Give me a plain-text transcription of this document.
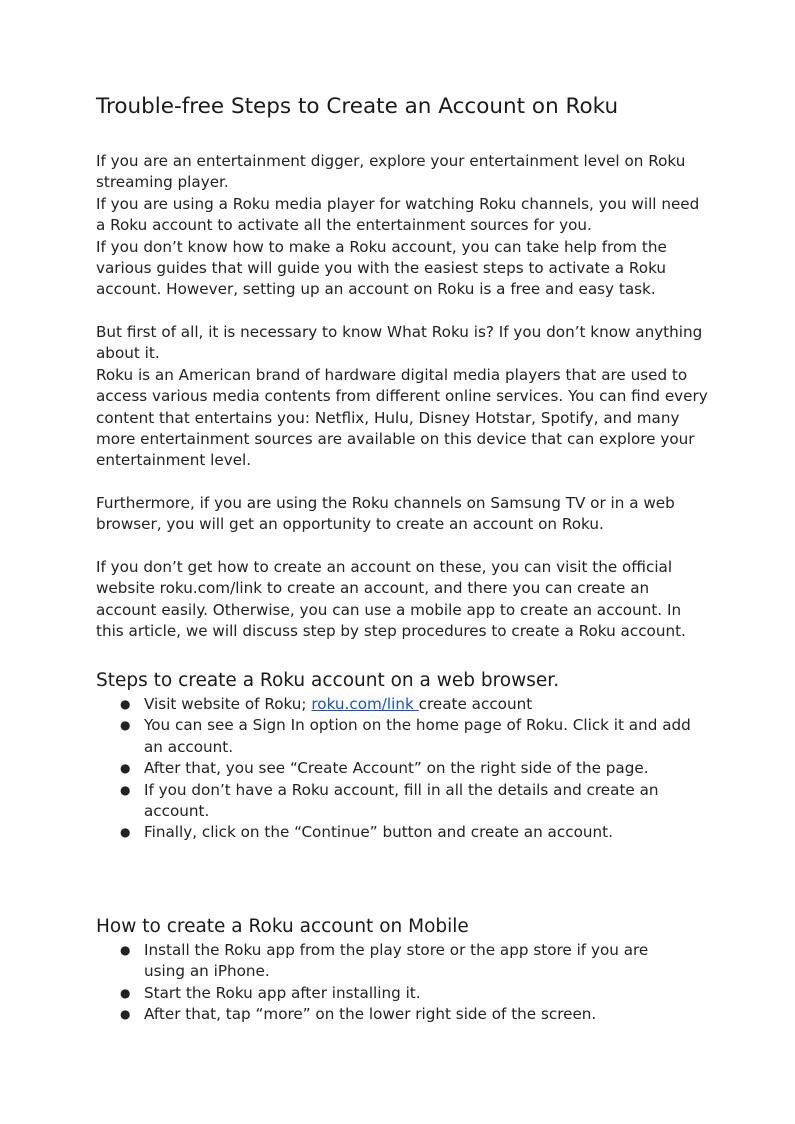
Trouble-free Steps to Create an Account on Roku

If you are an entertainment digger, explore your entertainment level on Roku streaming player.

If you are using a Roku media player for watching Roku channels, you will need a Roku account to activate all the entertainment sources for you.

If you don’t know how to make a Roku account, you can take help from the various guides that will guide you with the easiest steps to activate a Roku account. However, setting up an account on Roku is a free and easy task.

But first of all, it is necessary to know What Roku is? If you don’t know anything about it.

Roku is an American brand of hardware digital media players that are used to access various media contents from different online services. You can find every content that entertains you: Netflix, Hulu, Disney Hotstar, Spotify, and many more entertainment sources are available on this device that can explore your entertainment level.

Furthermore, if you are using the Roku channels on Samsung TV or in a web browser, you will get an opportunity to create an account on Roku.

If you don’t get how to create an account on these, you can visit the official website roku.com/link to create an account, and there you can create an account easily. Otherwise, you can use a mobile app to create an account. In this article, we will discuss step by step procedures to create a Roku account.

Steps to create a Roku account on a web browser.
● Visit website of Roku; roku.com/link create account
● You can see a Sign In option on the home page of Roku. Click it and add an account.
● After that, you see “Create Account” on the right side of the page.
● If you don’t have a Roku account, fill in all the details and create an account.
● Finally, click on the “Continue” button and create an account.
How to create a Roku account on Mobile
● Install the Roku app from the play store or the app store if you are using an iPhone.
● Start the Roku app after installing it.
● After that, tap “more” on the lower right side of the screen.
